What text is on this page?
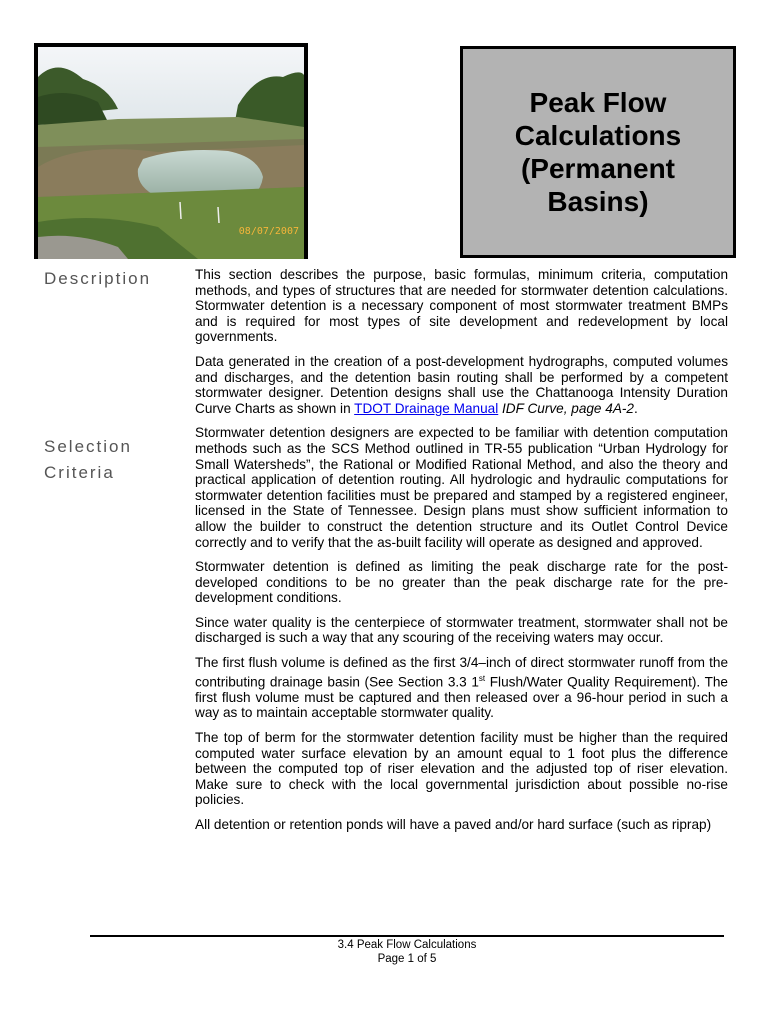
08/07/2007
Peak Flow
Calculations
(Permanent
Basins)
Description
Selection
Criteria

This section describes the purpose, basic formulas, minimum criteria, computation methods, and types of structures that are needed for stormwater detention calculations. Stormwater detention is a necessary component of most stormwater treatment BMPs and is required for most types of site development and redevelopment by local governments.

Data generated in the creation of a post-development hydrographs, computed volumes and discharges, and the detention basin routing shall be performed by a competent stormwater designer. Detention designs shall use the Chattanooga Intensity Duration Curve Charts as shown in TDOT Drainage Manual IDF Curve, page 4A-2.

Stormwater detention designers are expected to be familiar with detention computation methods such as the SCS Method outlined in TR-55 publication “Urban Hydrology for Small Watersheds”, the Rational or Modified Rational Method, and also the theory and practical application of detention routing. All hydrologic and hydraulic computations for stormwater detention facilities must be prepared and stamped by a registered engineer, licensed in the State of Tennessee. Design plans must show sufficient information to allow the builder to construct the detention structure and its Outlet Control Device correctly and to verify that the as-built facility will operate as designed and approved.

Stormwater detention is defined as limiting the peak discharge rate for the post-developed conditions to be no greater than the peak discharge rate for the pre-development conditions.

Since water quality is the centerpiece of stormwater treatment, stormwater shall not be discharged is such a way that any scouring of the receiving waters may occur.

The first flush volume is defined as the first 3/4–inch of direct stormwater runoff from the contributing drainage basin (See Section 3.3 1st Flush/Water Quality Requirement). The first flush volume must be captured and then released over a 96-hour period in such a way as to maintain acceptable stormwater quality.

The top of berm for the stormwater detention facility must be higher than the required computed water surface elevation by an amount equal to 1 foot plus the difference between the computed top of riser elevation and the adjusted top of riser elevation. Make sure to check with the local governmental jurisdiction about possible no-rise policies.

All detention or retention ponds will have a paved and/or hard surface (such as riprap)

3.4 Peak Flow Calculations
Page 1 of 5
